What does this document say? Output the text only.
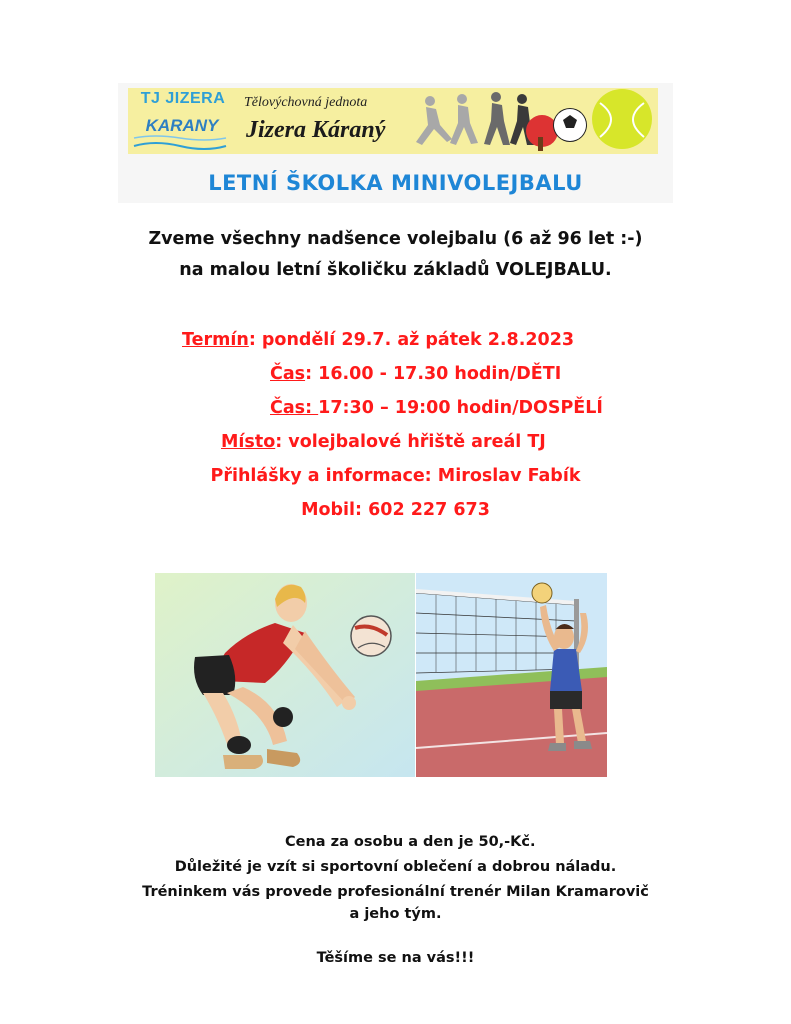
TJ JIZERA
KARANY
Tělovýchovná jednota
Jizera Káraný
LETNÍ ŠKOLKA MINIVOLEJBALU
Zveme všechny nadšence volejbalu (6 až 96 let :-)
na malou letní školičku základů VOLEJBALU.
Termín: pondělí 29.7. až pátek 2.8.2023
Čas: 16.00 - 17.30 hodin/DĚTI
Čas: 17:30 – 19:00 hodin/DOSPĚLÍ
Místo: volejbalové hřiště areál TJ
Přihlášky a informace: Miroslav Fabík
Mobil: 602 227 673
Cena za osobu a den je 50,-Kč.
Důležité je vzít si sportovní oblečení a dobrou náladu.
Tréninkem vás provede profesionální trenér Milan Kramarovič
a jeho tým.
Těšíme se na vás!!!
